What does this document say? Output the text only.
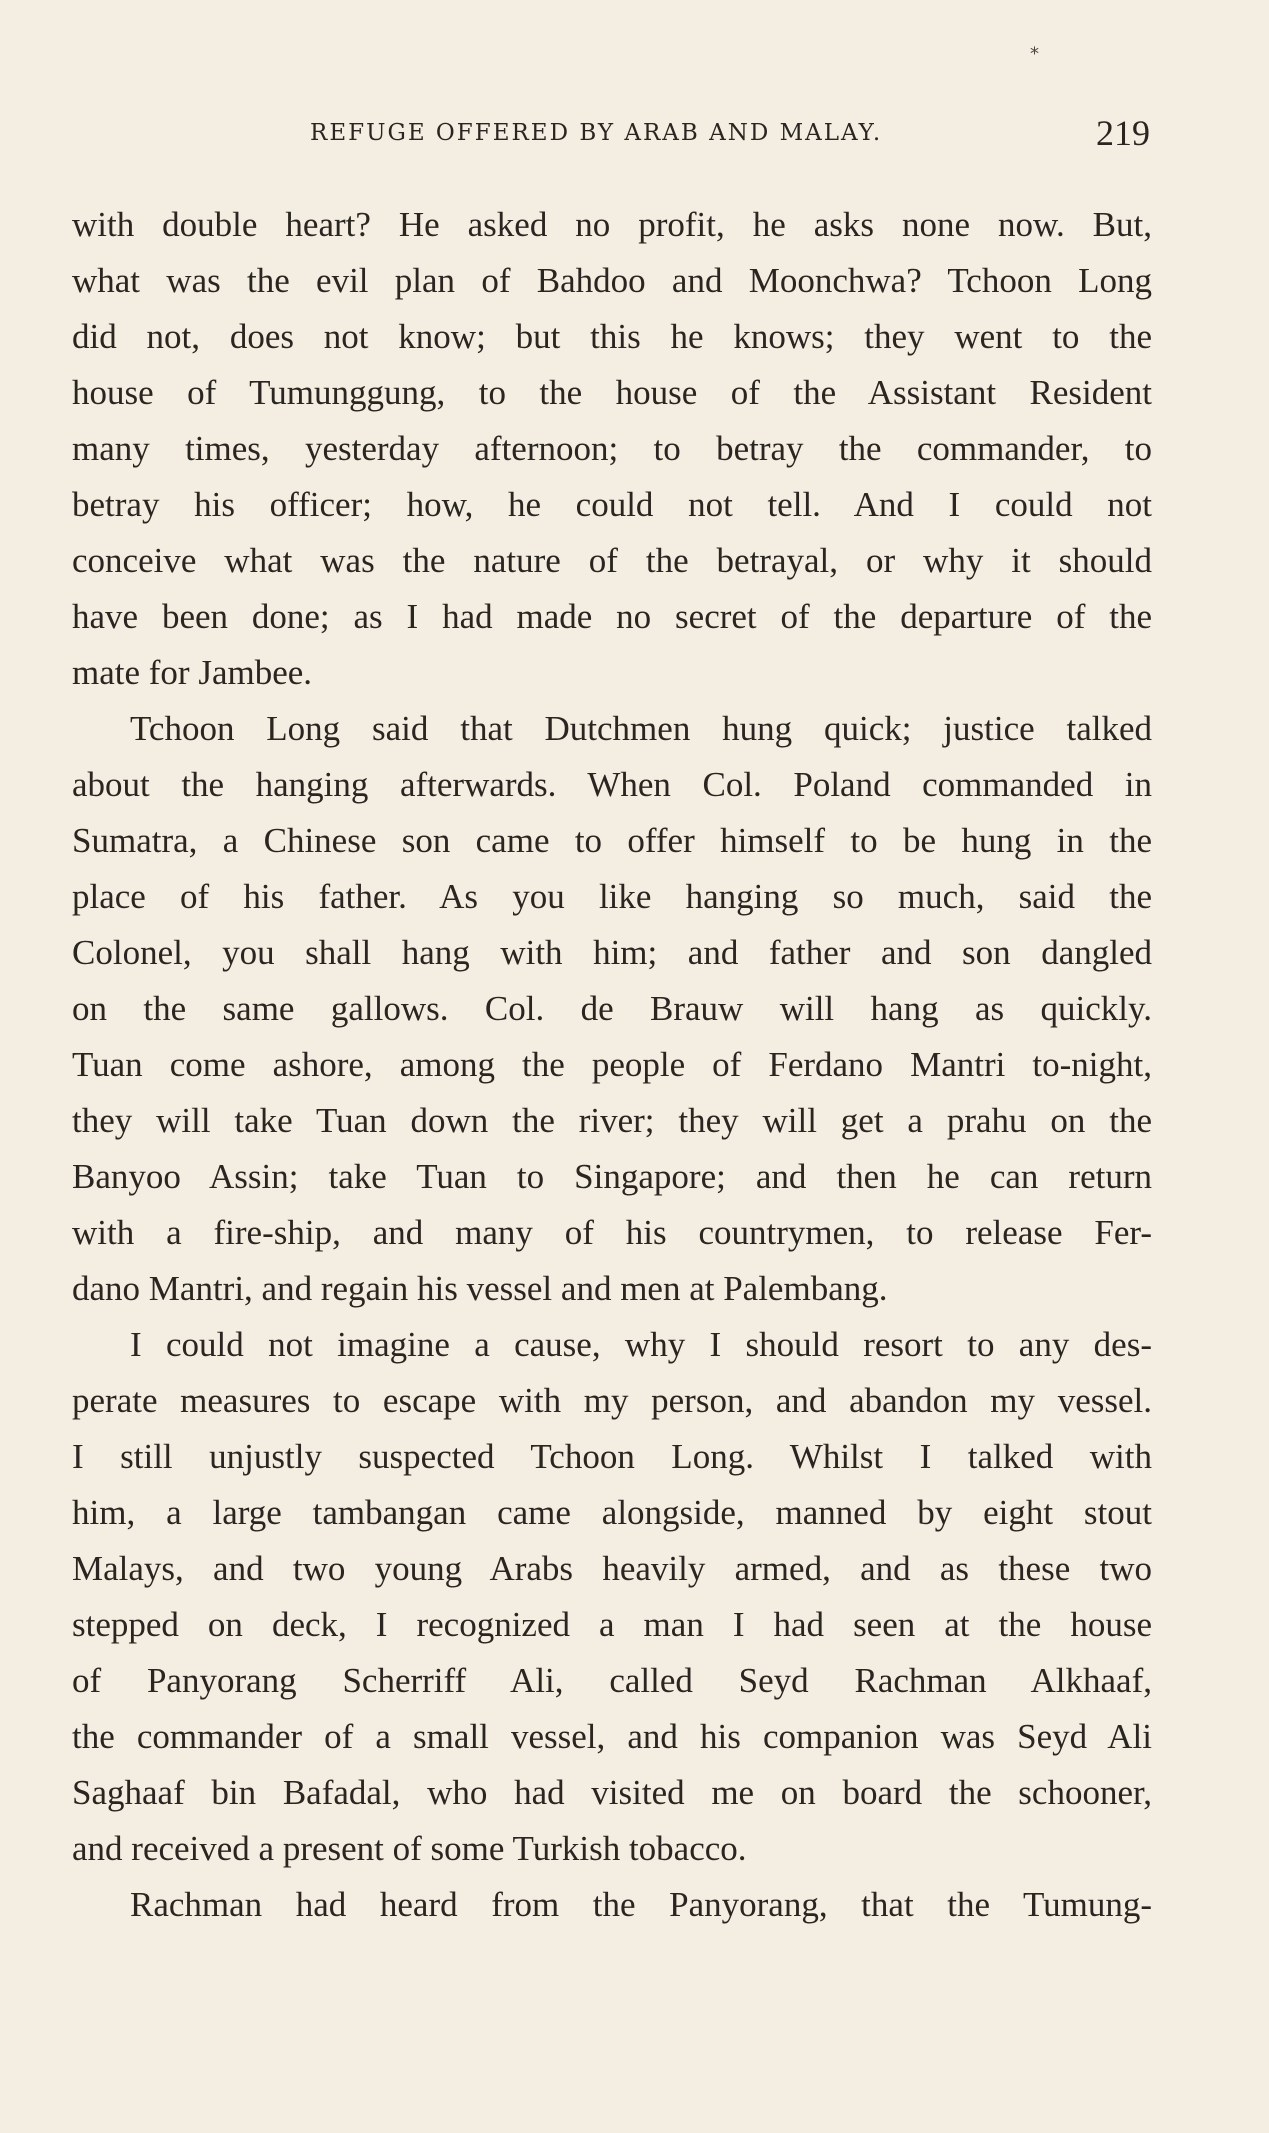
⁎
REFUGE OFFERED BY ARAB AND MALAY.	219
with double heart? He asked no profit, he asks none now. But,
what was the evil plan of Bahdoo and Moonchwa? Tchoon Long
did not, does not know; but this he knows; they went to the
house of Tumunggung, to the house of the Assistant Resident
many times, yesterday afternoon; to betray the commander, to
betray his officer; how, he could not tell. And I could not
conceive what was the nature of the betrayal, or why it should
have been done; as I had made no secret of the departure of the
mate for Jambee.
Tchoon Long said that Dutchmen hung quick; justice talked
about the hanging afterwards. When Col. Poland commanded in
Sumatra, a Chinese son came to offer himself to be hung in the
place of his father. As you like hanging so much, said the
Colonel, you shall hang with him; and father and son dangled
on the same gallows. Col. de Brauw will hang as quickly.
Tuan come ashore, among the people of Ferdano Mantri to-night,
they will take Tuan down the river; they will get a prahu on the
Banyoo Assin; take Tuan to Singapore; and then he can return
with a fire-ship, and many of his countrymen, to release Fer-
dano Mantri, and regain his vessel and men at Palembang.
I could not imagine a cause, why I should resort to any des-
perate measures to escape with my person, and abandon my vessel.
I still unjustly suspected Tchoon Long. Whilst I talked with
him, a large tambangan came alongside, manned by eight stout
Malays, and two young Arabs heavily armed, and as these two
stepped on deck, I recognized a man I had seen at the house
of Panyorang Scherriff Ali, called Seyd Rachman Alkhaaf,
the commander of a small vessel, and his companion was Seyd Ali
Saghaaf bin Bafadal, who had visited me on board the schooner,
and received a present of some Turkish tobacco.
Rachman had heard from the Panyorang, that the Tumung-
